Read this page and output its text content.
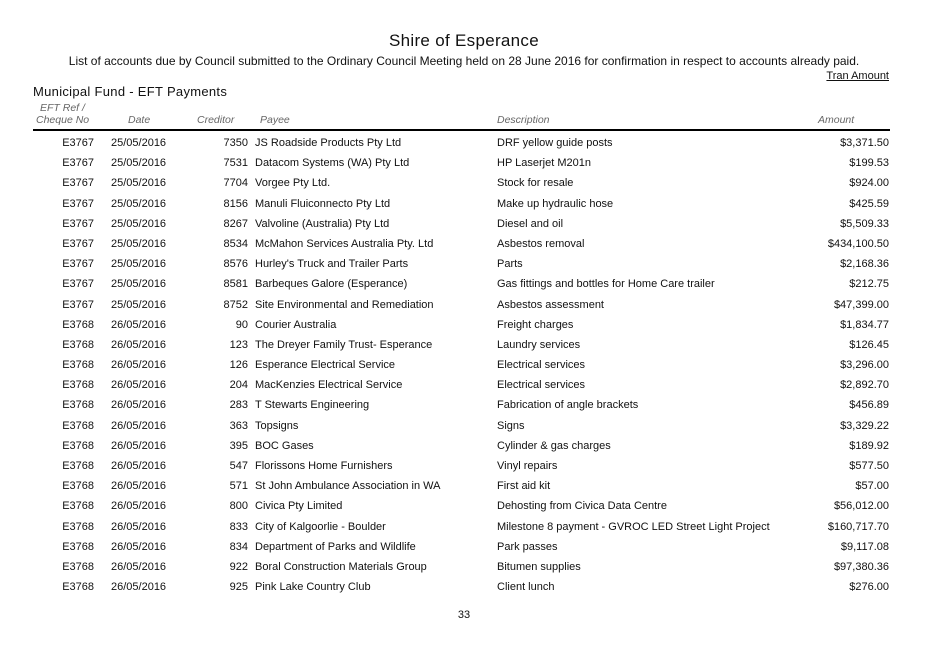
Shire of Esperance
List of accounts due by Council submitted to the Ordinary Council Meeting held on 28 June 2016 for confirmation in respect to accounts already paid.
Tran Amount
Municipal Fund - EFT Payments
EFT Ref /
Cheque No	Date	Creditor Payee	Description	Amount
E3767 25/05/2016	7350 JS Roadside Products Pty Ltd	DRF yellow guide posts	$3,371.50
E3767 25/05/2016	7531 Datacom Systems (WA) Pty Ltd	HP Laserjet M201n	$199.53
E3767 25/05/2016	7704 Vorgee Pty Ltd.	Stock for resale	$924.00
E3767 25/05/2016	8156 Manuli Fluiconnecto Pty Ltd	Make up hydraulic hose	$425.59
E3767 25/05/2016	8267 Valvoline (Australia) Pty Ltd	Diesel and oil	$5,509.33
E3767 25/05/2016	8534 McMahon Services Australia Pty. Ltd	Asbestos removal	$434,100.50
E3767 25/05/2016	8576 Hurley's Truck and Trailer Parts	Parts	$2,168.36
E3767 25/05/2016	8581 Barbeques Galore (Esperance)	Gas fittings and bottles for Home Care trailer	$212.75
E3767 25/05/2016	8752 Site Environmental and Remediation	Asbestos assessment	$47,399.00
E3768 26/05/2016	90 Courier Australia	Freight charges	$1,834.77
E3768 26/05/2016	123 The Dreyer Family Trust- Esperance	Laundry services	$126.45
E3768 26/05/2016	126 Esperance Electrical Service	Electrical services	$3,296.00
E3768 26/05/2016	204 MacKenzies Electrical Service	Electrical services	$2,892.70
E3768 26/05/2016	283 T Stewarts Engineering	Fabrication of angle brackets	$456.89
E3768 26/05/2016	363 Topsigns	Signs	$3,329.22
E3768 26/05/2016	395 BOC Gases	Cylinder & gas charges	$189.92
E3768 26/05/2016	547 Florissons Home Furnishers	Vinyl repairs	$577.50
E3768 26/05/2016	571 St John Ambulance Association in WA	First aid kit	$57.00
E3768 26/05/2016	800 Civica Pty Limited	Dehosting from Civica Data Centre	$56,012.00
E3768 26/05/2016	833 City of Kalgoorlie - Boulder	Milestone 8 payment - GVROC LED Street Light Project	$160,717.70
E3768 26/05/2016	834 Department of Parks and Wildlife	Park passes	$9,117.08
E3768 26/05/2016	922 Boral Construction Materials Group	Bitumen supplies	$97,380.36
E3768 26/05/2016	925 Pink Lake Country Club	Client lunch	$276.00
33
